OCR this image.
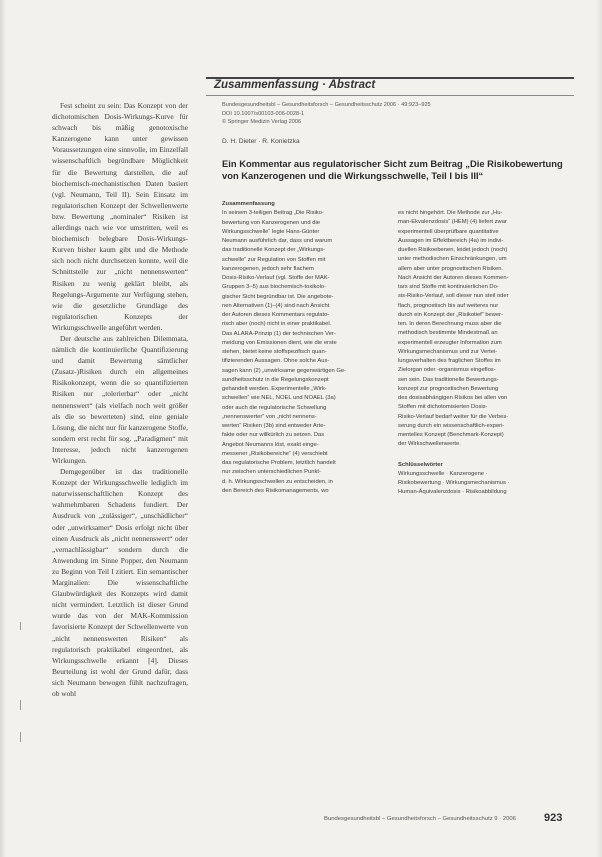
Zusammenfassung · Abstract

Fest scheint zu sein: Das Konzept von der dichotomischen Dosis-Wirkungs-Kurve für schwach bis mäßig genotoxische Kanzerogene kann unter gewissen Voraussetzungen eine sinnvolle, im Einzelfall wissenschaftlich begründbare Möglichkeit für die Bewertung darstellen, die auf biochemisch-mechanistischen Daten basiert (vgl. Neumann, Teil II). Sein Einsatz im regulatorischen Konzept der Schwellenwerte bzw. Bewertung „nominaler“ Risiken ist allerdings nach wie vor umstritten, weil es biochemisch belegbare Dosis-Wirkungs-Kurven bisher kaum gibt und die Methode sich noch nicht durchsetzen konnte, weil die Schnittstelle zur „nicht nennenswerten“ Risiken zu wenig geklärt bleibt, als Regelungs-Argumente zur Verfügung stehen, wie die gesetzliche Grundlage des regulatorischen Konzepts der Wirkungsschwelle angeführt werden.

Der deutsche aus zahlreichen Dilemmata, nämlich die kontinuierliche Quantifizierung und damit Bewertung sämtlicher (Zusatz-)Risiken durch ein allgemeines Risikokonzept, wenn die so quantifizierten Risiken nur „tolerierbar“ oder „nicht nennenswert“ (als vielfach noch weit größer als die so bewerteten) sind, eine geniale Lösung, die nicht nur für kanzerogene Stoffe, sondern erst recht für sog. „Paradigmen“ mit Interesse, jedoch nicht kanzerogenen Wirkungen.

Demgegenüber ist das traditionelle Konzept der Wirkungsschwelle lediglich im naturwissenschaftlichen Konzept des wahrnehmbaren Schadens fundiert. Der Ausdruck von „zulässiger“, „unschädlicher“ oder „unwirksamer“ Dosis erfolgt nicht über einen Ausdruck als „nicht nennenswert“ oder „vernachlässigbar“ sondern durch die Anwendung im Sinne Popper, den Neumann zu Beginn von Teil I zitiert. Ein semantischer Marginalien: Die wissenschaftliche Glaubwürdigkeit des Konzepts wird damit nicht vermindert. Letztlich ist dieser Grund wurde das von der MAK-Kommission favorisierte Konzept der Schwellenwerte von „nicht nennenswerten Risiken“ als regulatorisch praktikabel eingeordnet, als Wirkungsschwelle erkannt [4]. Dieses Beurteilung ist wohl der Grund dafür, dass sich Neumann bewogen fühlt nachzufragen, ob wohl

Bundesgesundheitsbl – Gesundheitsforsch – Gesundheitsschutz 2006 · 49:923–925
DOI 10.1007/s00103-006-0028-1
© Springer Medizin Verlag 2006
D. H. Dieter · R. Konietzka
Ein Kommentar aus regulatorischer Sicht zum Beitrag „Die Risikobewertung von Kanzerogenen und die Wirkungsschwelle, Teil I bis III“
Zusammenfassung
In seinem 3-teiligen Beitrag „Die Risiko-
bewertung von Kanzerogenen und die
Wirkungsschwelle“ legte Hans-Günter
Neumann ausführlich dar, dass und warum
das traditionelle Konzept der „Wirkungs-
schwelle“ zur Regulation von Stoffen mit
kanzerogenen, jedoch sehr flachem
Dosis-Risiko-Verlauf (vgl. Stoffe der MAK-
Gruppen 3–5) aus biochemisch-toxikolo-
gischer Sicht begründbar ist. Die angebote-
nen Alternativen (1)–(4) sind nach Ansicht
der Autoren dieses Kommentars regulato-
risch aber (noch) nicht in einer praktikabel.
Das ALARA-Prinzip (1) der technischen Ver-
meidung von Emissionen dient, wie die erste
stehen, bietet keine stoffspezifisch quan-
tifizierenden Aussagen. Ohne solche Aus-
sagen kann (2) „unwirksame gegenwärtigen Ge-
sundheitsschutz in die Regelungskonzept
gehandelt werden. Experimentelle „Wirk-
schwellen“ wie NEL, NOEL und NOAEL (3a)
oder auch die regulatorische Schwellung
„nennenswerter“ von „nicht nennens-
werten“ Risiken (3b) sind entweder Arte-
fakte oder nur willkürlich zu setzen. Das
Angebot Neumanns löst, exakt einge-
messener „Risikobereiche“ (4) verschiebt
das regulatorische Problem, letztlich handelt
nur zwischen unterschiedlichen Punkt-
d. h. Wirkungsschwellen zu entscheiden, in
den Bereich des Risikomanagements, wo
es nicht hingehört. Die Methode zur „Hu-
man-Ekvalenzdosis“ (HEM) (4) liefert zwar
experimentell überprüfbare quantitative
Aussagen im Effektbereich (4a) im indivi-
duellen Risikoebenen, leidet jedoch (noch)
unter methodischen Einschränkungen, um
allem aber unter prognostischen Risiken.
Nach Ansicht der Autoren dieses Kommen-
tars sind Stoffe mit kontinuierlichen Do-
sis-Risiko-Verlauf, soll dieser nun steil oder
flach, prognostisch bis auf weiteres nur
durch ein Konzept der „Risikotief“ bewer-
ten. In deren Berechnung muss aber die
methodisch bestimmte Mindestmaß an
experimentell erzeugter Information zum
Wirkungsmechanismus und zur Vertei-
lungsverhalten des fraglichen Stoffes im
Zielorgan oder -organismus eingeflos-
sen sein. Das traditionelle Bewertungs-
konzept zur prognostischen Bewertung
des dosisabhängigen Risikos bei allen von
Stoffen mit dichotomisierten Dosis-
Risiko-Verlauf bedarf weiter für die Verbes-
serung durch ein wissenschaftlich-experi-
mentelles Konzept (Benchmark-Konzept)
der Wirkschwellenwerte.
Schlüsselwörter
Wirkungsschwelle · Kanzerogene ·
Risikobewertung · Wirkungsmechanismus ·
Human-Äquivalenzdosis · Risikoabbildung
Bundesgesundheitsbl – Gesundheitsforsch – Gesundheitsschutz 9 · 2006	923
